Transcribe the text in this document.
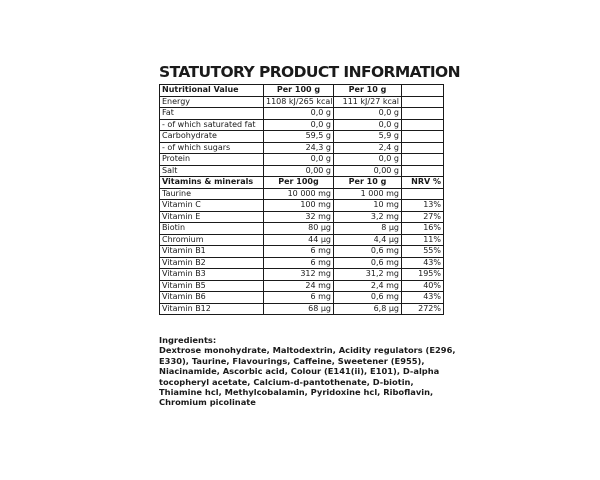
STATUTORY PRODUCT INFORMATION
Nutritional Value	Per 100 g	Per 10 g	
Energy	1108 kJ/265 kcal	111 kJ/27 kcal	
Fat	0,0 g	0,0 g	
- of which saturated fat	0,0 g	0,0 g	
Carbohydrate	59,5 g	5,9 g	
- of which sugars	24,3 g	2,4 g	
Protein	0,0 g	0,0 g	
Salt	0,00 g	0,00 g	
Vitamins & minerals	Per 100g	Per 10 g	NRV %
Taurine	10 000 mg	1 000 mg	
Vitamin C	100 mg	10 mg	13%
Vitamin E	32 mg	3,2 mg	27%
Biotin	80 μg	8 μg	16%
Chromium	44 μg	4,4 μg	11%
Vitamin B1	6 mg	0,6 mg	55%
Vitamin B2	6 mg	0,6 mg	43%
Vitamin B3	312 mg	31,2 mg	195%
Vitamin B5	24 mg	2,4 mg	40%
Vitamin B6	6 mg	0,6 mg	43%
Vitamin B12	68 μg	6,8 μg	272%
Ingredients:
Dextrose monohydrate, Maltodextrin, Acidity regulators (E296, E330), Taurine, Flavourings, Caffeine, Sweetener (E955), Niacinamide, Ascorbic acid, Colour (E141(ii), E101), D-alpha tocopheryl acetate, Calcium-d-pantothenate, D-biotin, Thiamine hcl, Methylcobalamin, Pyridoxine hcl, Riboflavin, Chromium picolinate
